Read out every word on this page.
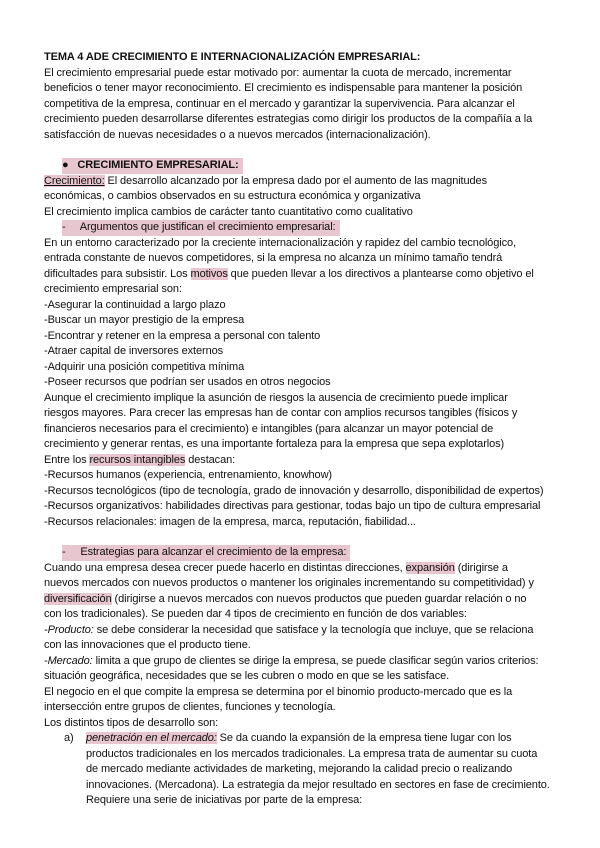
TEMA 4 ADE CRECIMIENTO E INTERNACIONALIZACIÓN EMPRESARIAL:
El crecimiento empresarial puede estar motivado por: aumentar la cuota de mercado, incrementar
beneficios o tener mayor reconocimiento. El crecimiento es indispensable para mantener la posición
competitiva de la empresa, continuar en el mercado y garantizar la supervivencia. Para alcanzar el
crecimiento pueden desarrollarse diferentes estrategias como dirigir los productos de la compañía a la
satisfacción de nuevas necesidades o a nuevos mercados (internacionalización).
● CRECIMIENTO EMPRESARIAL:
Crecimiento: El desarrollo alcanzado por la empresa dado por el aumento de las magnitudes
económicas, o cambios observados en su estructura económica y organizativa
El crecimiento implica cambios de carácter tanto cuantitativo como cualitativo
-     Argumentos que justifican el crecimiento empresarial:
En un entorno caracterizado por la creciente internacionalización y rapidez del cambio tecnológico,
entrada constante de nuevos competidores, si la empresa no alcanza un mínimo tamaño tendrá
dificultades para subsistir. Los motivos que pueden llevar a los directivos a plantearse como objetivo el
crecimiento empresarial son:
-Asegurar la continuidad a largo plazo
-Buscar un mayor prestigio de la empresa
-Encontrar y retener en la empresa a personal con talento
-Atraer capital de inversores externos
-Adquirir una posición competitiva mínima
-Poseer recursos que podrían ser usados en otros negocios
Aunque el crecimiento implique la asunción de riesgos la ausencia de crecimiento puede implicar
riesgos mayores. Para crecer las empresas han de contar con amplios recursos tangibles (físicos y
financieros necesarios para el crecimiento) e intangibles (para alcanzar un mayor potencial de
crecimiento y generar rentas, es una importante fortaleza para la empresa que sepa explotarlos)
Entre los recursos intangibles destacan:
-Recursos humanos (experiencia, entrenamiento, knowhow)
-Recursos tecnológicos (tipo de tecnología, grado de innovación y desarrollo, disponibilidad de expertos)
-Recursos organizativos: habilidades directivas para gestionar, todas bajo un tipo de cultura empresarial
-Recursos relacionales: imagen de la empresa, marca, reputación, fiabilidad...
-     Estrategias para alcanzar el crecimiento de la empresa:
Cuando una empresa desea crecer puede hacerlo en distintas direcciones, expansión (dirigirse a
nuevos mercados con nuevos productos o mantener los originales incrementando su competitividad) y
diversificación (dirigirse a nuevos mercados con nuevos productos que pueden guardar relación o no
con los tradicionales). Se pueden dar 4 tipos de crecimiento en función de dos variables:
-Producto: se debe considerar la necesidad que satisface y la tecnología que incluye, que se relaciona
con las innovaciones que el producto tiene.
-Mercado: limita a que grupo de clientes se dirige la empresa, se puede clasificar según varios criterios:
situación geográfica, necesidades que se les cubren o modo en que se les satisface.
El negocio en el que compite la empresa se determina por el binomio producto-mercado que es la
intersección entre grupos de clientes, funciones y tecnología.
Los distintos tipos de desarrollo son:
a) penetración en el mercado: Se da cuando la expansión de la empresa tiene lugar con los
productos tradicionales en los mercados tradicionales. La empresa trata de aumentar su cuota
de mercado mediante actividades de marketing, mejorando la calidad precio o realizando
innovaciones. (Mercadona). La estrategia da mejor resultado en sectores en fase de crecimiento.
Requiere una serie de iniciativas por parte de la empresa:
